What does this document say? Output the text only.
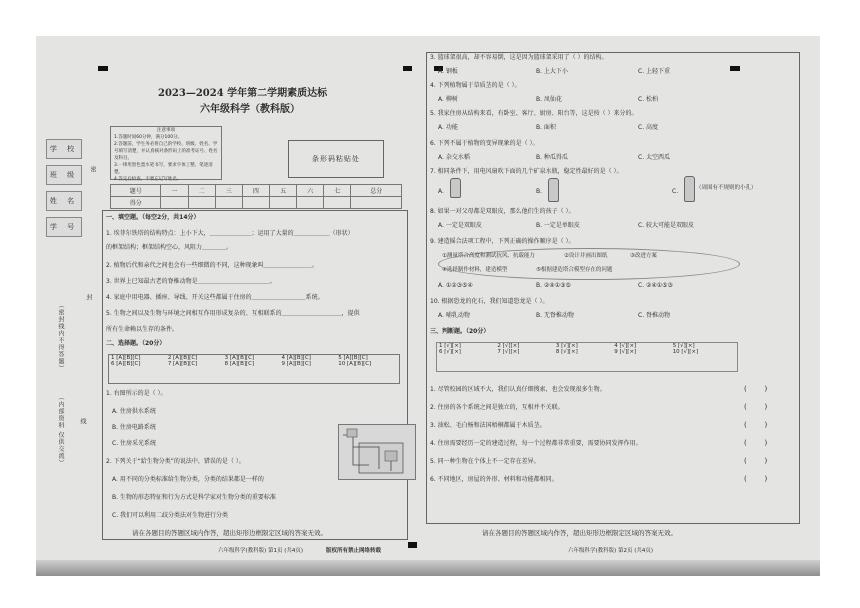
2023—2024 学年第二学期素质达标
六年级科学（教科版）
学 校
班 级
姓 名
学 号
密
封
线
（密封线内不得答题）
（内部资料 仅供交流）
注意事项
1.答题时间60分钟，满分100分。
2.答题前，学生务必将自己的学校、班级、姓名、学号填写清楚，并认真核对条形码上的准考证号、姓名及科目。
3.一律用黑色墨水笔书写，要求字体工整、笔迹清楚。
4.答完后检查，不要忘记写姓名。
条形码粘贴处
题号	一	二	三	四	五	六	七	总分
得分								
一、填空题。（每空2分，共14分）
1. 埃菲尔铁塔的结构特点：上小下大，＿＿＿＿＿＿＿；运用了大量的＿＿＿＿＿＿（形状）
的框架结构；框架结构空心，风阻力＿＿＿＿。
2. 植物后代和亲代之间也会有一些细微的不同，这种现象叫＿＿＿＿＿＿＿＿。
3. 世界上已知最古老的脊椎动物是＿＿＿＿＿＿＿＿＿＿＿＿。
4. 家庭中用电器、插座、导线、开关这些都属于住房的＿＿＿＿＿＿＿＿＿系统。
5. 生物之间以及生物与环境之间相互作用形成复杂的、互相联系的＿＿＿＿＿＿＿＿＿＿，提供
所有生命赖以生存的条件。
二、选择题。（20分）
1 [A][B][C]	2 [A][B][C]	3 [A][B][C]	4 [A][B][C]	5 [A][B][C]
6 [A][B][C]	7 [A][B][C]	8 [A][B][C]	9 [A][B][C]	10 [A][B][C]
1. 右图所示的是（ ）。
A. 住房供水系统
B. 住房电路系统
C. 住房采光系统
2. 下列关于“給生物分类”的说法中，错误的是（ ）。
A. 用不同的分类标准给生物分类，分类的结果都是一样的
B. 生物的形态特征和行为方式是科学家对生物分类的重要标准
C. 我们可以利用二歧分类法对生物进行分类
请在各题目的答题区域内作答，超出矩形边框限定区域的答案无效。
六年级科学(教科版) 第1页 (共4页)	版权所有禁止网络转载
3. 篮球架很高，却不容易倒，这是因为篮球架采用了（ ）的结构。
A. 钢板	B. 上大下小	C. 上轻下重
4. 下列植物属于草质茎的是（ ）。
A. 柳树	B. 凤仙花	C. 松柏
5. 我家住房从结构来看，有卧室、客厅、厨房、阳台等，这是按（ ）来分的。
A. 功能	B. 面积	C. 高度
6. 下列不属于植物的变异现象的是（ ）。
A. 杂交水稻	B. 种瓜得瓜	C. 太空西瓜
7. 相同条件下，用电风扇吹下面的几个矿泉水瓶，稳定性最好的是（ ）。
A.	B.	C.	（周围有不规则的小孔）
8. 如果一对父母都是双眼皮，那么他们生的孩子（ ）。
A. 一定是双眼皮	B. 一定是单眼皮	C. 较大可能是双眼皮
9. 建造摇合法项工程中，下列正确的操作顺序是（ ）。
①测量塔合高度和测试抗风、抗载能力	②设计并画出图纸	③改进方案
④选择制作材料，建造模型	⑤根据建造塔合模型存在的问题
A. ①②③⑤④	B. ②④①③⑤	C. ②④①⑤③
10. 根据恐龙的化石，我们知道恐龙是（ ）。
A. 哺乳动物	B. 无脊椎动物	C. 脊椎动物
三、判断题。（20分）
1 [√][×]	2 [√][×]	3 [√][×]	4 [√][×]	5 [√][×]
6 [√][×]	7 [√][×]	8 [√][×]	9 [√][×]	10 [√][×]
1. 尽管校园的区域不大，我们认真仔细搜索，也会发现很多生物。	(        )
2. 住房的各个系统之间是独立的，互相并不关联。	(        )
3. 油松、毛白杨和法国梧桐都属于木质茎。	(        )
4. 住房需要经历一定的建造过程，每一个过程都非常重要，需要协同发挥作用。	(        )
5. 同一种生物在个体上不一定存在差异。	(        )
6. 不同地区，房屋的外形、材料和功能都相同。	(        )
请在各题目的答题区域内作答，超出矩形边框限定区域的答案无效。
六年级科学(教科版) 第2页 (共4页)
